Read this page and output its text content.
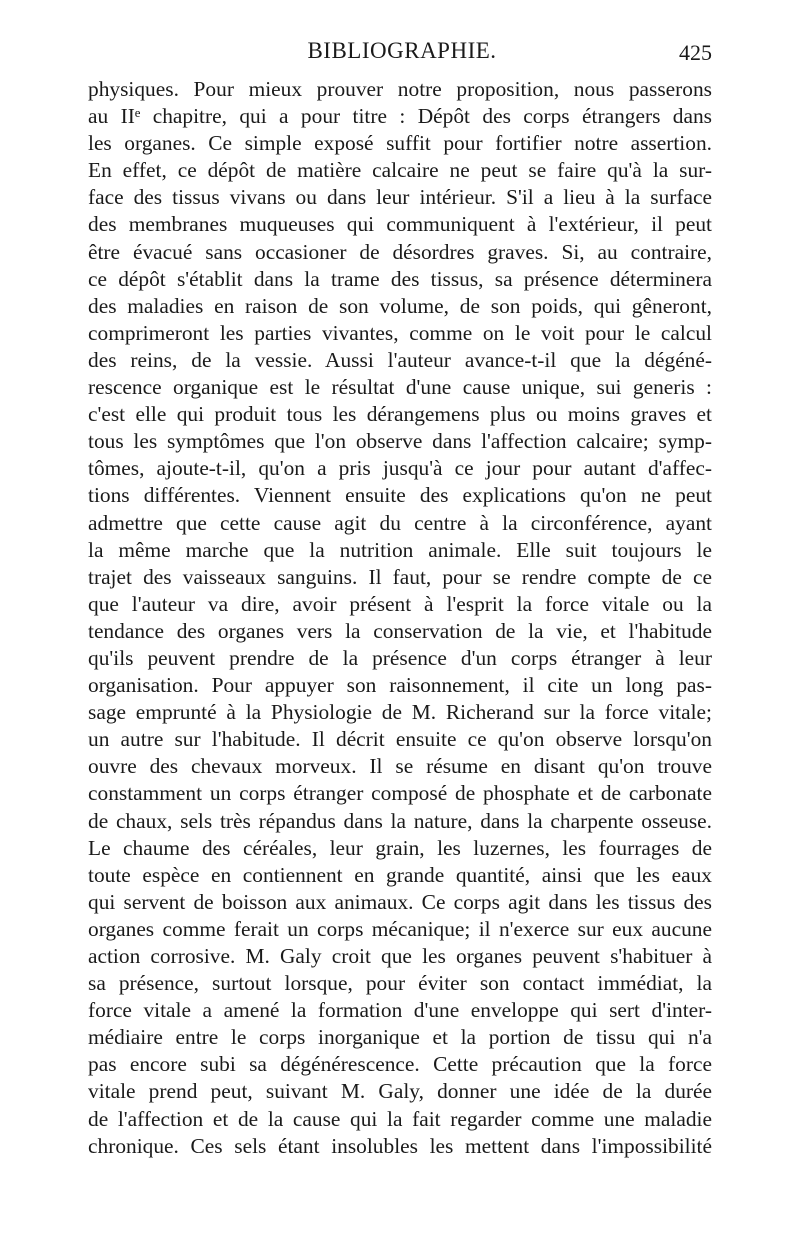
BIBLIOGRAPHIE.	425
physiques. Pour mieux prouver notre proposition, nous passerons
au IIᵉ chapitre, qui a pour titre : Dépôt des corps étrangers dans
les organes. Ce simple exposé suffit pour fortifier notre assertion.
En effet, ce dépôt de matière calcaire ne peut se faire qu'à la sur-
face des tissus vivans ou dans leur intérieur. S'il a lieu à la surface
des membranes muqueuses qui communiquent à l'extérieur, il peut
être évacué sans occasioner de désordres graves. Si, au contraire,
ce dépôt s'établit dans la trame des tissus, sa présence déterminera
des maladies en raison de son volume, de son poids, qui gêneront,
comprimeront les parties vivantes, comme on le voit pour le calcul
des reins, de la vessie. Aussi l'auteur avance-t-il que la dégéné-
rescence organique est le résultat d'une cause unique, sui generis :
c'est elle qui produit tous les dérangemens plus ou moins graves et
tous les symptômes que l'on observe dans l'affection calcaire; symp-
tômes, ajoute-t-il, qu'on a pris jusqu'à ce jour pour autant d'affec-
tions différentes. Viennent ensuite des explications qu'on ne peut
admettre que cette cause agit du centre à la circonférence, ayant
la même marche que la nutrition animale. Elle suit toujours le
trajet des vaisseaux sanguins. Il faut, pour se rendre compte de ce
que l'auteur va dire, avoir présent à l'esprit la force vitale ou la
tendance des organes vers la conservation de la vie, et l'habitude
qu'ils peuvent prendre de la présence d'un corps étranger à leur
organisation. Pour appuyer son raisonnement, il cite un long pas-
sage emprunté à la Physiologie de M. Richerand sur la force vitale;
un autre sur l'habitude. Il décrit ensuite ce qu'on observe lorsqu'on
ouvre des chevaux morveux. Il se résume en disant qu'on trouve
constamment un corps étranger composé de phosphate et de carbonate
de chaux, sels très répandus dans la nature, dans la charpente osseuse.
Le chaume des céréales, leur grain, les luzernes, les fourrages de
toute espèce en contiennent en grande quantité, ainsi que les eaux
qui servent de boisson aux animaux. Ce corps agit dans les tissus des
organes comme ferait un corps mécanique; il n'exerce sur eux aucune
action corrosive. M. Galy croit que les organes peuvent s'habituer à
sa présence, surtout lorsque, pour éviter son contact immédiat, la
force vitale a amené la formation d'une enveloppe qui sert d'inter-
médiaire entre le corps inorganique et la portion de tissu qui n'a
pas encore subi sa dégénérescence. Cette précaution que la force
vitale prend peut, suivant M. Galy, donner une idée de la durée
de l'affection et de la cause qui la fait regarder comme une maladie
chronique. Ces sels étant insolubles les mettent dans l'impossibilité
